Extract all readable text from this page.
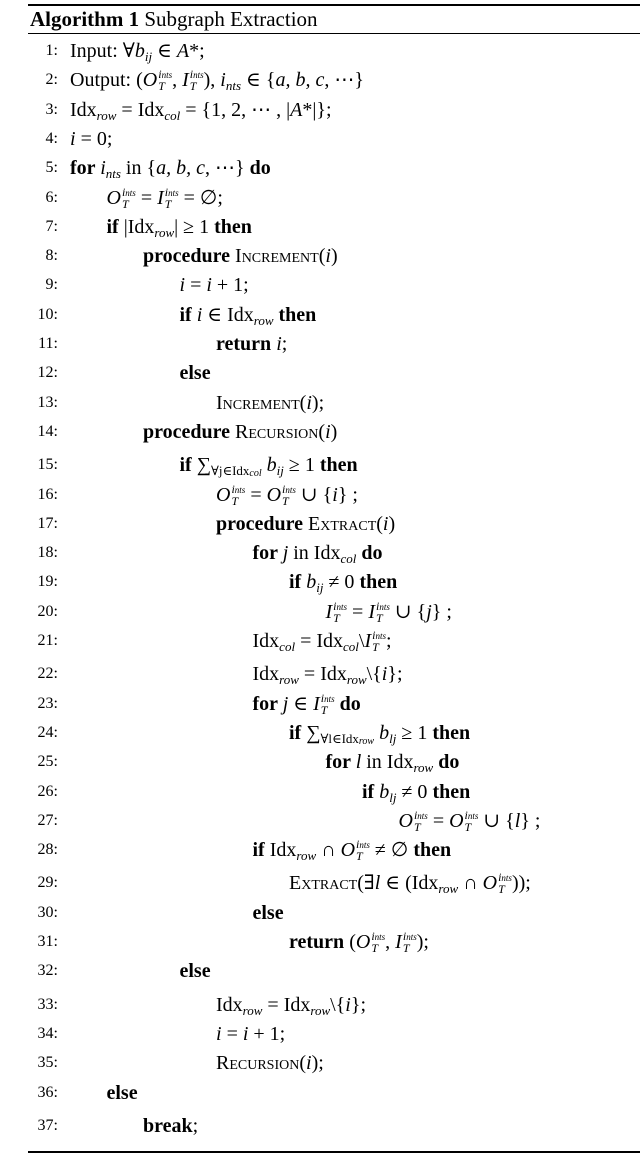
Algorithm 1 Subgraph Extraction
1: Input: $\forall b_{ij}$ ∈ A*;
2: Output: (O ints
T , I ints
T ), $i_{nts}$ ∈ {a, b, c, ⋯}
3: Idx$_{row}$ = Idx$_{col}$ = {1, 2, ⋯ , |A*|};
4: i = 0;
5: for $i_{nts}$ in {a, b, c, ⋯} do
6: O ints
T = I ints
T = ∅;
7: if |Idx$_{row}$| ≥ 1 then
8:	procedure Increment(i)
9:	i = i + 1;
10:	if i ∈ Idx$_{row}$ then
11:	return i;
12:	else
13:	Increment(i);
14:	procedure Recursion(i)
15:	if $\sum_{\forall j\in Idxcol}$ $b_{ij} \ge 1$ then
16:	O ints
T = O ints
T ∪ {i} ;
17:	procedure Extract(i)
18:	for j in Idx$_{col}$ do
19:	if $b_{ij} \ne 0$ then
20:	I ints
T = I ints
T ∪ {j} ;
21:	Idx$_{col}$ = Idx$_{col}$\I ints
T ;
22:	Idx$_{row}$ = Idx$_{row}$\{i};
23:	for j ∈ I ints
T do
24:	if $\sum_{\forall l\in Idxrow}$ $b_{lj} \ge 1$ then
25:	for l in Idx$_{row}$ do
26:	if $b_{lj} \ne 0$ then
27:	O ints
T = O ints
T ∪ {l} ;
28:	if Idx$_{row}$ ∩ O ints
T ≠ ∅ then
29:	Extract(∃l ∈ (Idx$_{row}$ ∩ O ints
T ));
30:	else
31:	return (O ints
T , I ints
T );
32:	else
33:	Idx$_{row}$ = Idx$_{row}$\{i};
34:	i = i + 1;
35:	Recursion(i);
36: else
37:	break;
